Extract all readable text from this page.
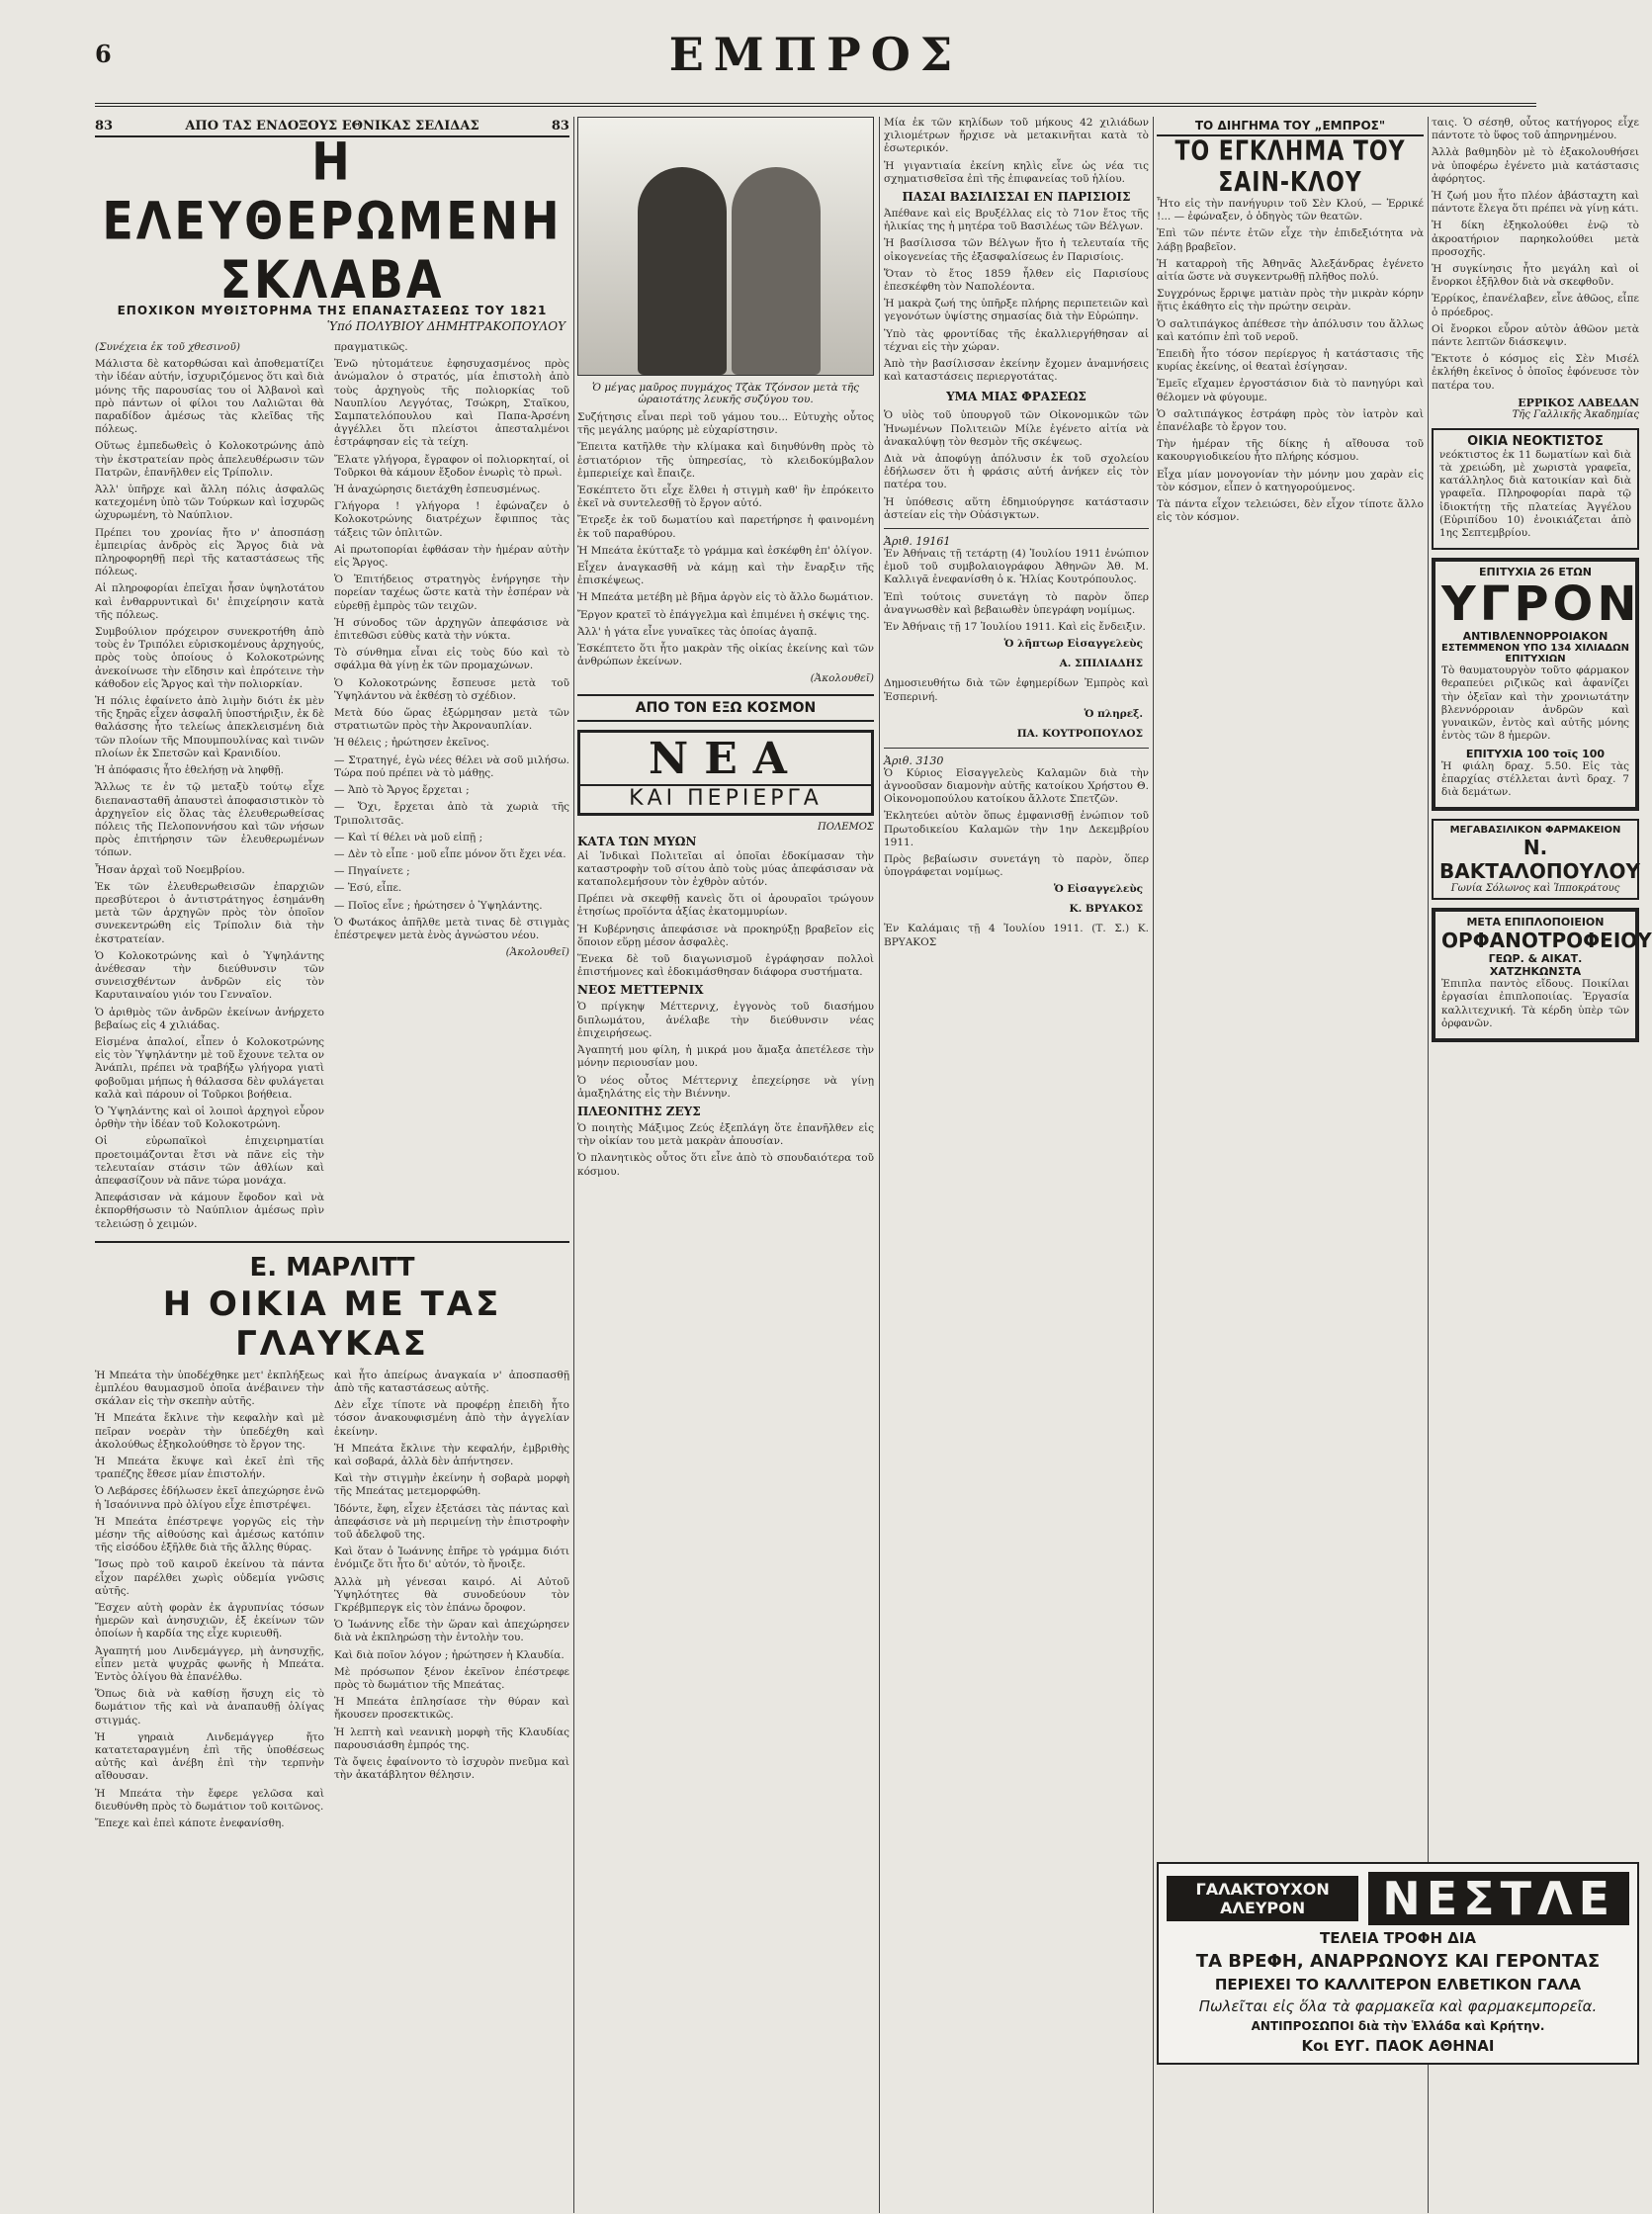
6	ΕΜΠΡΟΣ
83	ΑΠΟ ΤΑΣ ΕΝΔΟΞΟΥΣ ΕΘΝΙΚΑΣ ΣΕΛΙΔΑΣ	83
Η ΕΛΕΥΘΕΡΩΜΕΝΗ ΣΚΛΑΒΑ
ΕΠΟΧΙΚΟΝ ΜΥΘΙΣΤΟΡΗΜΑ ΤΗΣ ΕΠΑΝΑΣΤΑΣΕΩΣ ΤΟΥ 1821
Ὑπό ΠΟΛΥΒΙΟΥ ΔΗΜΗΤΡΑΚΟΠΟΥΛΟΥ

(Συνέχεια ἐκ τοῦ χθεσινοῦ)

Μάλιστα δὲ κατορθώσαι καὶ ἀποθεματίζει τὴν ἰδέαν αὐτήν, ἰσχυριζόμενος ὅτι καὶ διὰ μόνης τῆς παρουσίας του οἱ Ἀλβανοὶ καὶ πρὸ πάντων οἱ φίλοι του Λαλιῶται θὰ παραδίδον ἀμέσως τὰς κλεῖδας τῆς πόλεως.

Οὕτως ἐμπεδωθεὶς ὁ Κολοκοτρώνης ἀπὸ τὴν ἐκστρατείαν πρὸς ἀπελευθέρωσιν τῶν Πατρῶν, ἐπανῆλθεν εἰς Τρίπολιν.

Ἀλλ' ὑπῆρχε καὶ ἄλλη πόλις ἀσφαλῶς κατεχομένη ὑπὸ τῶν Τούρκων καὶ ἰσχυρῶς ὠχυρωμένη, τὸ Ναύπλιον.

Πρέπει του χρονίας ἤτο ν' ἀποσπάσῃ ἐμπειρίας ἀνδρὸς εἰς Ἄργος διὰ νὰ πληροφορηθῇ περὶ τῆς καταστάσεως τῆς πόλεως.

Αἱ πληροφορίαι ἐπεῖχαι ἦσαν ὑψηλοτάτου καὶ ἐνθαρρυντικαὶ δι' ἐπιχείρησιν κατὰ τῆς πόλεως.

Συμβούλιον πρόχειρον συνεκροτήθη ἀπὸ τοὺς ἐν Τριπόλει εὑρισκομένους ἀρχηγούς, πρὸς τοὺς ὁποίους ὁ Κολοκοτρώνης ἀνεκοίνωσε τὴν εἴδησιν καὶ ἐπρότεινε τὴν κάθοδον εἰς Ἄργος καὶ τὴν πολιορκίαν.

Ἡ πόλις ἐφαίνετο ἀπὸ λιμὴν διότι ἐκ μὲν τῆς ξηρᾶς εἶχεν ἀσφαλῆ ὑποστήριξιν, ἐκ δὲ θαλάσσης ἦτο τελείως ἀπεκλεισμένη διὰ τῶν πλοίων τῆς Μπουμπουλίνας καὶ τινῶν πλοίων ἐκ Σπετσῶν καὶ Κρανιδίου.

Ἡ ἀπόφασις ἦτο ἐθελήσῃ νὰ ληφθῇ.

Ἄλλως τε ἐν τῷ μεταξὺ τούτῳ εἶχε διεπανασταθῆ ἀπαυστεὶ ἀποφασιστικὸν τὸ ἀρχηγεῖον εἰς ὅλας τὰς ἐλευθερωθείσας πόλεις τῆς Πελοποννήσου καὶ τῶν νήσων πρὸς ἐπιτήρησιν τῶν ἐλευθερωμένων τόπων.

Ἦσαν ἀρχαὶ τοῦ Νοεμβρίου.

Ἐκ τῶν ἐλευθερωθεισῶν ἐπαρχιῶν πρεσβύτεροι ὁ ἀντιστράτηγος ἐσημάνθη μετὰ τῶν ἀρχηγῶν πρὸς τὸν ὁποῖον συνεκεντρώθη εἰς Τρίπολιν διὰ τὴν ἐκστρατείαν.

Ὁ Κολοκοτρώνης καὶ ὁ Ὑψηλάντης ἀνέθεσαν τὴν διεύθυνσιν τῶν συνεισχθέντων ἀνδρῶν εἰς τὸν Καρυταιναίου γιόν του Γενναῖον.

Ὁ ἀριθμὸς τῶν ἀνδρῶν ἐκείνων ἀνήρχετο βεβαίως εἰς 4 χιλιάδας.

Εἰσμένα ἀπαλοί, εἶπεν ὁ Κολοκοτρώνης εἰς τὸν Ὑψηλάντην μὲ τοῦ ἔχουνε τελτα ον Ἀνάπλι, πρέπει νὰ τραβήξω γλήγορα γιατὶ φοβοῦμαι μήπως ἡ θάλασσα δὲν φυλάγεται καλὰ καὶ πάρουν οἱ Τοῦρκοι βοήθεια.

Ὁ Ὑψηλάντης καὶ οἱ λοιποὶ ἀρχηγοὶ εὗρον ὀρθὴν τὴν ἰδέαν τοῦ Κολοκοτρώνη.

Οἱ εὐρωπαϊκοὶ ἐπιχειρηματίαι προετοιμάζονται ἔτσι νὰ πᾶνε εἰς τὴν τελευταίαν στάσιν τῶν ἀθλίων καὶ ἀπεφασίζουν νὰ πᾶνε τώρα μονάχα.

Ἀπεφάσισαν νὰ κάμουν ἔφοδον καὶ νὰ ἐκπορθήσωσιν τὸ Ναύπλιον ἀμέσως πρὶν τελειώσῃ ὁ χειμών.

πραγματικῶς.

Ἐνῶ ηὐτομάτευε ἐφησυχασμένος πρὸς ἀνώμαλον ὁ στρατός, μία ἐπιστολὴ ἀπὸ τοὺς ἀρχηγοὺς τῆς πολιορκίας τοῦ Ναυπλίου Λεγγότας, Τσώκρη, Σταϊκου, Σαμπατελόπουλου καὶ Παπα-Ἀρσένη ἀγγέλλει ὅτι πλείστοι ἀπεσταλμένοι ἐστράφησαν εἰς τὰ τείχη.

Ἔλατε γλήγορα, ἔγραφον οἱ πολιορκηταί, οἱ Τοῦρκοι θὰ κάμουν ἔξοδον ἐνωρὶς τὸ πρωὶ.

Ἡ ἀναχώρησις διετάχθη ἐσπευσμένως.

Γλήγορα ! γλήγορα ! ἐφώναζεν ὁ Κολοκοτρώνης διατρέχων ἔφιππος τὰς τάξεις τῶν ὁπλιτῶν.

Αἱ πρωτοπορίαι ἐφθάσαν τὴν ἡμέραν αὐτὴν εἰς Ἄργος.

Ὁ Ἐπιτήδειος στρατηγὸς ἐνήργησε τὴν πορείαν ταχέως ὥστε κατὰ τὴν ἑσπέραν νὰ εὑρεθῇ ἐμπρὸς τῶν τειχῶν.

Ἡ σύνοδος τῶν ἀρχηγῶν ἀπεφάσισε νὰ ἐπιτεθῶσι εὐθὺς κατὰ τὴν νύκτα.

Τὸ σύνθημα εἶναι εἰς τοὺς δύο καὶ τὸ σφάλμα θὰ γίνῃ ἐκ τῶν προμαχώνων.

Ὁ Κολοκοτρώνης ἔσπευσε μετὰ τοῦ Ὑψηλάντου νὰ ἐκθέσῃ τὸ σχέδιον.

Μετὰ δύο ὥρας ἐξώρμησαν μετὰ τῶν στρατιωτῶν πρὸς τὴν Ἀκροναυπλίαν.

Ἡ θέλεις ; ἠρώτησεν ἐκεῖνος.

— Στρατηγέ, ἐγὼ νέες θέλει νὰ σοῦ μιλήσω. Τώρα πού πρέπει νὰ τὸ μάθῃς.

— Ἀπὸ τὸ Ἄργος ἔρχεται ;

— Ὄχι, ἔρχεται ἀπὸ τὰ χωριὰ τῆς Τριπολιτσᾶς.

— Καὶ τί θέλει νὰ μοῦ εἰπῇ ;

— Δὲν τὸ εἶπε · μοῦ εἶπε μόνον ὅτι ἔχει νέα.

— Πηγαίνετε ;

— Ἐσύ, εἶπε.

— Ποῖος εἶνε ; ἠρώτησεν ὁ Ὑψηλάντης.

Ὁ Φωτάκος ἀπῆλθε μετὰ τινας δὲ στιγμὰς ἐπέστρεψεν μετὰ ἑνὸς ἀγνώστου νέου.

(Ἀκολουθεῖ)

Ε. ΜΑΡΛΙΤΤ
Η ΟΙΚΙΑ ΜΕ ΤΑΣ ΓΛΑΥΚΑΣ

Ἡ Μπεάτα τὴν ὑποδέχθηκε μετ' ἐκπλήξεως ἐμπλέου θαυμασμοῦ ὁποῖα ἀνέβαινεν τὴν σκάλαν εἰς τὴν σκεπὴν αὐτῆς.

Ἡ Μπεάτα ἔκλινε τὴν κεφαλὴν καὶ μὲ πεῖραν νοερὰν τὴν ὑπεδέχθη καὶ ἀκολούθως ἐξηκολούθησε τὸ ἔργον της.

Ἡ Μπεάτα ἔκυψε καὶ ἐκεῖ ἐπὶ τῆς τραπέζης ἔθεσε μίαν ἐπιστολήν.

Ὁ Λεβάρσες ἐδήλωσεν ἐκεῖ ἀπεχώρησε ἐνῶ ἡ Ἰσαόνιννα πρὸ ὀλίγου εἶχε ἐπιστρέψει.

Ἡ Μπεάτα ἐπέστρεψε γοργῶς εἰς τὴν μέσην τῆς αἰθούσης καὶ ἀμέσως κατόπιν τῆς εἰσόδου ἐξῆλθε διὰ τῆς ἄλλης θύρας.

Ἴσως πρὸ τοῦ καιροῦ ἐκείνου τὰ πάντα εἶχον παρέλθει χωρὶς οὐδεμία γνῶσις αὐτῆς.

Ἔσχεν αὐτὴ φορὰν ἐκ ἀγρυπνίας τόσων ἡμερῶν καὶ ἀνησυχιῶν, ἐξ ἐκείνων τῶν ὁποίων ἡ καρδία της εἶχε κυριευθῆ.

Ἀγαπητή μου Λινδεμάγγερ, μὴ ἀνησυχῇς, εἶπεν μετὰ ψυχρᾶς φωνῆς ἡ Μπεάτα. Ἐντὸς ὀλίγου θὰ ἐπανέλθω.

Ὅπως διὰ νὰ καθίσῃ ἥσυχη εἰς τὸ δωμάτιον τῆς καὶ νὰ ἀναπαυθῇ ὀλίγας στιγμάς.

Ἡ γηραιὰ Λινδεμάγγερ ἤτο κατατεταραγμένη ἐπὶ τῆς ὑποθέσεως αὐτῆς καὶ ἀνέβη ἐπὶ τὴν τερπνὴν αἴθουσαν.

Ἡ Μπεάτα τὴν ἔφερε γελῶσα καὶ διευθύνθη πρὸς τὸ δωμάτιον τοῦ κοιτῶνος.

Ἔπεχε καὶ ἐπεὶ κάποτε ἐνεφανίσθη.

καὶ ἦτο ἀπείρως ἀναγκαία ν' ἀποσπασθῇ ἀπὸ τῆς καταστάσεως αὐτῆς.

Δὲν εἶχε τίποτε νὰ προφέρῃ ἐπειδὴ ἦτο τόσον ἀνακουφισμένη ἀπὸ τὴν ἀγγελίαν ἐκείνην.

Ἡ Μπεάτα ἔκλινε τὴν κεφαλήν, ἐμβριθὴς καὶ σοβαρά, ἀλλὰ δὲν ἀπήντησεν.

Καὶ τὴν στιγμὴν ἐκείνην ἡ σοβαρὰ μορφὴ τῆς Μπεάτας μετεμορφώθη.

Ἰδόντε, ἔφη, εἶχεν ἐξετάσει τὰς πάντας καὶ ἀπεφάσισε νὰ μὴ περιμείνῃ τὴν ἐπιστροφὴν τοῦ ἀδελφοῦ της.

Καὶ ὅταν ὁ Ἰωάννης ἐπῆρε τὸ γράμμα διότι ἐνόμιζε ὅτι ἦτο δι' αὐτόν, τὸ ἤνοιξε.

Ἀλλὰ μὴ γένεσαι καιρό. Αἱ Αὐτοῦ Ὑψηλότητες θὰ συνοδεύουν τὸν Γκρέβμπεργκ εἰς τὸν ἐπάνω ὄροφον.

Ὁ Ἰωάννης εἶδε τὴν ὥραν καὶ ἀπεχώρησεν διὰ νὰ ἐκπληρώσῃ τὴν ἐντολὴν του.

Καὶ διὰ ποῖον λόγον ; ἠρώτησεν ἡ Κλαυδία.

Μὲ πρόσωπον ξένον ἐκεῖνον ἐπέστρεφε πρὸς τὸ δωμάτιον τῆς Μπεάτας.

Ἡ Μπεάτα ἐπλησίασε τὴν θύραν καὶ ἤκουσεν προσεκτικῶς.

Ἡ λεπτὴ καὶ νεανικὴ μορφὴ τῆς Κλαυδίας παρουσιάσθη ἐμπρός της.

Τὰ ὄψεις ἐφαίνοντο τὸ ἰσχυρὸν πνεῦμα καὶ τὴν ἀκατάβλητον θέλησιν.

Ὁ μέγας μαῦρος πυγμάχος Τζὰκ Τζόνσον μετὰ τῆς ὡραιοτάτης λευκῆς συζύγου του.

Συζήτησις εἶναι περὶ τοῦ γάμου του... Εὐτυχὴς οὗτος τῆς μεγάλης μαύρης μὲ εὐχαρίστησιν.

Ἔπειτα κατῆλθε τὴν κλίμακα καὶ διηυθύνθη πρὸς τὸ ἑστιατόριον τῆς ὑπηρεσίας, τὸ κλειδοκύμβαλον ἐμπεριείχε καὶ ἔπαιζε.

Ἐσκέπτετο ὅτι εἶχε ἔλθει ἡ στιγμὴ καθ' ἣν ἐπρόκειτο ἐκεῖ νὰ συντελεσθῇ τὸ ἔργον αὐτό.

Ἔτρεξε ἐκ τοῦ δωματίου καὶ παρετήρησε ἡ φαινομένη ἐκ τοῦ παραθύρου.

Ἡ Μπεάτα ἐκύτταξε τὸ γράμμα καὶ ἐσκέφθη ἐπ' ὀλίγον.

Εἶχεν ἀναγκασθῆ νὰ κάμῃ καὶ τὴν ἔναρξιν τῆς ἐπισκέψεως.

Ἡ Μπεάτα μετέβη μὲ βῆμα ἀργὸν εἰς τὸ ἄλλο δωμάτιον.

Ἔργον κρατεῖ τὸ ἐπάγγελμα καὶ ἐπιμένει ἡ σκέψις της.

Ἀλλ' ἡ γάτα εἶνε γυναῖκες τὰς ὁποίας ἀγαπᾷ.

Ἐσκέπτετο ὅτι ἦτο μακρὰν τῆς οἰκίας ἐκείνης καὶ τῶν ἀνθρώπων ἐκείνων.

(Ἀκολουθεῖ)

ΑΠΟ ΤΟΝ ΕΞΩ ΚΟΣΜΟΝ
ΝΕΑ
ΚΑΙ ΠΕΡΙΕΡΓΑ
ΠΟΛΕΜΟΣ
ΚΑΤΑ ΤΩΝ ΜΥΩΝ

Αἱ Ἰνδικαὶ Πολιτεῖαι αἱ ὁποῖαι ἐδοκίμασαν τὴν καταστροφὴν τοῦ σίτου ἀπὸ τοὺς μύας ἀπεφάσισαν νὰ καταπολεμήσουν τὸν ἐχθρὸν αὐτόν.

Πρέπει νὰ σκεφθῇ κανεὶς ὅτι οἱ ἀρουραῖοι τρώγουν ἐτησίως προϊόντα ἀξίας ἑκατομμυρίων.

Ἡ Κυβέρνησις ἀπεφάσισε νὰ προκηρύξῃ βραβεῖον εἰς ὅποιον εὕρῃ μέσον ἀσφαλὲς.

Ἕνεκα δὲ τοῦ διαγωνισμοῦ ἐγράφησαν πολλοὶ ἐπιστήμονες καὶ ἐδοκιμάσθησαν διάφορα συστήματα.

ΝΕΟΣ ΜΕΤΤΕΡΝΙΧ

Ὁ πρίγκηψ Μέττερνιχ, ἐγγονὸς τοῦ διασήμου διπλωμάτου, ἀνέλαβε τὴν διεύθυνσιν νέας ἐπιχειρήσεως.

Ἀγαπητή μου φίλη, ἡ μικρά μου ἄμαξα ἀπετέλεσε τὴν μόνην περιουσίαν μου.

Ὁ νέος οὗτος Μέττερνιχ ἐπεχείρησε νὰ γίνῃ ἁμαξηλάτης εἰς τὴν Βιέννην.

ΠΛΕΟΝΙΤΗΣ ΖΕΥΣ

Ὁ ποιητὴς Μάξιμος Ζεύς ἐξεπλάγη ὅτε ἐπανῆλθεν εἰς τὴν οἰκίαν του μετὰ μακρὰν ἀπουσίαν.

Ὁ πλανητικὸς οὗτος ὅτι εἶνε ἀπὸ τὸ σπουδαιότερα τοῦ κόσμου.

Μία ἐκ τῶν κηλίδων τοῦ μήκους 42 χιλιάδων χιλιομέτρων ἤρχισε νὰ μετακινῆται κατὰ τὸ ἐσωτερικόν.

Ἡ γιγαντιαία ἐκείνη κηλὶς εἶνε ὡς νέα τις σχηματισθεῖσα ἐπὶ τῆς ἐπιφανείας τοῦ ἡλίου.

ΠΑΣΑΙ ΒΑΣΙΛΙΣΣΑΙ ΕΝ ΠΑΡΙΣΙΟΙΣ

Ἀπέθανε καὶ εἰς Βρυξέλλας εἰς τὸ 71ον ἔτος τῆς ἡλικίας της ἡ μητέρα τοῦ Βασιλέως τῶν Βέλγων.

Ἡ βασίλισσα τῶν Βέλγων ἤτο ἡ τελευταία τῆς οἰκογενείας τῆς ἐξασφαλίσεως ἐν Παρισίοις.

Ὅταν τὸ ἔτος 1859 ἦλθεν εἰς Παρισίους ἐπεσκέφθη τὸν Ναπολέοντα.

Ἡ μακρὰ ζωή της ὑπῆρξε πλήρης περιπετειῶν καὶ γεγονότων ὑψίστης σημασίας διὰ τὴν Εὐρώπην.

Ὑπὸ τὰς φροντίδας τῆς ἐκαλλιεργήθησαν αἱ τέχναι εἰς τὴν χώραν.

Ἀπὸ τὴν βασίλισσαν ἐκείνην ἔχομεν ἀναμνήσεις καὶ καταστάσεις περιεργοτάτας.

ΥΜΑ ΜΙΑΣ ΦΡΑΣΕΩΣ

Ὁ υἱὸς τοῦ ὑπουργοῦ τῶν Οἰκονομικῶν τῶν Ἡνωμένων Πολιτειῶν Μίλε ἐγένετο αἰτία νὰ ἀνακαλύψῃ τὸν θεσμὸν τῆς σκέψεως.

Διὰ νὰ ἀποφύγῃ ἀπόλυσιν ἐκ τοῦ σχολείου ἐδήλωσεν ὅτι ἡ φράσις αὐτή ἀνήκεν εἰς τὸν πατέρα του.

Ἡ ὑπόθεσις αὕτη ἐδημιούργησε κατάστασιν ἀστείαν εἰς τὴν Οὐάσιγκτων.

Ἀριθ. 19161

Ἐν Ἀθήναις τῇ τετάρτῃ (4) Ἰουλίου 1911 ἐνώπιον ἐμοῦ τοῦ συμβολαιογράφου Ἀθηνῶν Ἀθ. Μ. Καλλιγᾶ ἐνεφανίσθη ὁ κ. Ἠλίας Κουτρόπουλος.

Ἐπὶ τούτοις συνετάγη τὸ παρὸν ὅπερ ἀναγνωσθὲν καὶ βεβαιωθὲν ὑπεγράφη νομίμως.

Ἐν Ἀθήναις τῇ 17 Ἰουλίου 1911. Καὶ εἰς ἔνδειξιν.

Ὁ λῆπτωρ Εἰσαγγελεὺς
Α. ΣΠΙΛΙΑΔΗΣ

Δημοσιευθήτω διὰ τῶν ἐφημερίδων Ἐμπρὸς καὶ Ἑσπερινή.

Ὁ πληρεξ.
ΠΑ. ΚΟΥΤΡΟΠΟΥΛΟΣ
Ἀριθ. 3130

Ὁ Κύριος Εἰσαγγελεὺς Καλαμῶν διὰ τὴν ἀγνοοῦσαν διαμονὴν αὐτῆς κατοίκου Χρήστου Θ. Οἰκονομοπούλου κατοίκου ἄλλοτε Σπετζῶν.

Ἐκλητεύει αὐτὸν ὅπως ἐμφανισθῇ ἐνώπιον τοῦ Πρωτοδικείου Καλαμῶν τὴν 1ην Δεκεμβρίου 1911.

Πρὸς βεβαίωσιν συνετάγη τὸ παρὸν, ὅπερ ὑπογράφεται νομίμως.

Ὁ Εἰσαγγελεὺς
Κ. ΒΡΥΑΚΟΣ

Ἐν Καλάμαις τῇ 4 Ἰουλίου 1911. (Τ. Σ.) Κ. ΒΡΥΑΚΟΣ

ΤΟ ΔΙΗΓΗΜΑ ΤΟΥ „ΕΜΠΡΟΣ"
ΤΟ ΕΓΚΛΗΜΑ ΤΟΥ ΣΑΙΝ-ΚΛΟΥ

Ἦτο εἰς τὴν πανήγυριν τοῦ Σὲν Κλού, — Ἐρρικέ !... — ἐφώναξεν, ὁ ὁδηγὸς τῶν θεατῶν.

Ἐπὶ τῶν πέντε ἐτῶν εἶχε τὴν ἐπιδεξιότητα νὰ λάβῃ βραβεῖον.

Ἡ καταρροὴ τῆς Ἀθηνᾶς Ἀλεξάνδρας ἐγένετο αἰτία ὥστε νὰ συγκεντρωθῇ πλῆθος πολύ.

Συγχρόνως ἔρριψε ματιὰν πρὸς τὴν μικρὰν κόρην ἥτις ἐκάθητο εἰς τὴν πρώτην σειρὰν.

Ὁ σαλτιπάγκος ἀπέθεσε τὴν ἀπόλυσιν του ἄλλως καὶ κατόπιν ἐπὶ τοῦ νεροῦ.

Ἐπειδὴ ἦτο τόσον περίεργος ἡ κατάστασις τῆς κυρίας ἐκείνης, οἱ θεαταὶ ἐσίγησαν.

Ἐμεῖς εἴχαμεν ἐργοστάσιον διὰ τὸ πανηγύρι καὶ θέλομεν νὰ φύγουμε.

Ὁ σαλτιπάγκος ἐστράφη πρὸς τὸν ἰατρὸν καὶ ἐπανέλαβε τὸ ἔργον του.

Τὴν ἡμέραν τῆς δίκης ἡ αἴθουσα τοῦ κακουργιοδικείου ἦτο πλήρης κόσμου.

Εἶχα μίαν μονογονίαν τὴν μόνην μου χαρὰν εἰς τὸν κόσμον, εἶπεν ὁ κατηγορούμενος.

Τὰ πάντα εἶχον τελειώσει, δὲν εἶχον τίποτε ἄλλο εἰς τὸν κόσμον.

ταις. Ὁ σέσηθ, οὗτος κατήγορος εἶχε πάντοτε τὸ ὕφος τοῦ ἀπηρνημένου.

Ἀλλὰ βαθμηδὸν μὲ τὸ ἐξακολουθήσει νὰ ὑποφέρω ἐγένετο μιὰ κατάστασις ἀφόρητος.

Ἡ ζωή μου ἦτο πλέον ἀβάσταχτη καὶ πάντοτε ἔλεγα ὅτι πρέπει νὰ γίνῃ κάτι.

Ἡ δίκη ἐξηκολούθει ἐνῷ τὸ ἀκροατήριον παρηκολούθει μετὰ προσοχῆς.

Ἡ συγκίνησις ἦτο μεγάλη καὶ οἱ ἔνορκοι ἐξῆλθον διὰ νὰ σκεφθοῦν.

Ἐρρίκος, ἐπανέλαβεν, εἶνε ἀθῶος, εἶπε ὁ πρόεδρος.

Οἱ ἔνορκοι εὗρον αὐτὸν ἀθῶον μετὰ πάντε λεπτῶν διάσκεψιν.

Ἔκτοτε ὁ κόσμος εἰς Σὲν Μισέλ ἐκλήθη ἐκεῖνος ὁ ὁποῖος ἐφόνευσε τὸν πατέρα του.

ΕΡΡΙΚΟΣ ΛΑΒΕΔΑΝ
Τῆς Γαλλικῆς Ἀκαδημίας
ΟΙΚΙΑ ΝΕΟΚΤΙΣΤΟΣ

νεόκτιστος ἐκ 11 δωματίων καὶ διὰ τὰ χρειώδη, μὲ χωριστὰ γραφεῖα, κατάλληλος διὰ κατοικίαν καὶ διὰ γραφεῖα. Πληροφορίαι παρὰ τῷ ἰδιοκτήτῃ τῆς πλατείας Ἀγγέλου (Εὐριπίδου 10) ἐνοικιάζεται ἀπὸ 1ης Σεπτεμβρίου.

ΕΠΙΤΥΧΙΑ 26 ΕΤΩΝ
ΥΓΡΟΝ
ΑΝΤΙΒΛΕΝΝΟΡΡΟΙΑΚΟΝ
ΕΣΤΕΜΜΕΝΟΝ ΥΠΟ 134 ΧΙΛΙΑΔΩΝ ΕΠΙΤΥΧΙΩΝ

Τὸ θαυματουργὸν τοῦτο φάρμακον θεραπεύει ριζικῶς καὶ ἀφανίζει τὴν ὀξεῖαν καὶ τὴν χρονιωτάτην βλεννόρροιαν ἀνδρῶν καὶ γυναικῶν, ἐντὸς καὶ αὐτῆς μόνης ἐντὸς τῶν 8 ἡμερῶν.

ΕΠΙΤΥΧΙΑ 100 τοῖς 100

Ἡ φιάλη δραχ. 5.50. Εἰς τὰς ἐπαρχίας στέλλεται ἀντὶ δραχ. 7 διὰ δεμάτων.

ΜΕΓΑΒΑΣΙΛΙΚΟΝ ΦΑΡΜΑΚΕΙΟΝ
Ν. ΒΑΚΤΑΛΟΠΟΥΛΟΥ
Γωνία Σόλωνος καὶ Ἱπποκράτους
ΜΕΤΑ ΕΠΙΠΛΟΠΟΙΕΙΟΝ
ΟΡΦΑΝΟΤΡΟΦΕΙΟΥ
ΓΕΩΡ. & ΑΙΚΑΤ. ΧΑΤΖΗΚΩΝΣΤΑ

Ἐπιπλα παντὸς εἴδους. Ποικίλαι ἐργασίαι ἐπιπλοποιίας. Ἐργασία καλλιτεχνική. Τὰ κέρδη ὑπὲρ τῶν ὀρφανῶν.

ΓΑΛΑΚΤΟΥΧΟΝ ΑΛΕΥΡΟΝ	ΝΕΣΤΛΕ
ΤΕΛΕΙΑ ΤΡΟΦΗ ΔΙΑ
ΤΑ ΒΡΕΦΗ, ΑΝΑΡΡΩΝΟΥΣ ΚΑΙ ΓΕΡΟΝΤΑΣ
ΠΕΡΙΕΧΕΙ ΤΟ ΚΑΛΛΙΤΕΡΟΝ ΕΛΒΕΤΙΚΟΝ ΓΑΛΑ
Πωλεῖται εἰς ὅλα τὰ φαρμακεῖα καὶ φαρμακεμπορεῖα.
ΑΝΤΙΠΡΟΣΩΠΟΙ διὰ τὴν Ἑλλάδα καὶ Κρήτην.
Κοι ΕΥΓ. ΠΑΟΚ ΑΘΗΝΑΙ
